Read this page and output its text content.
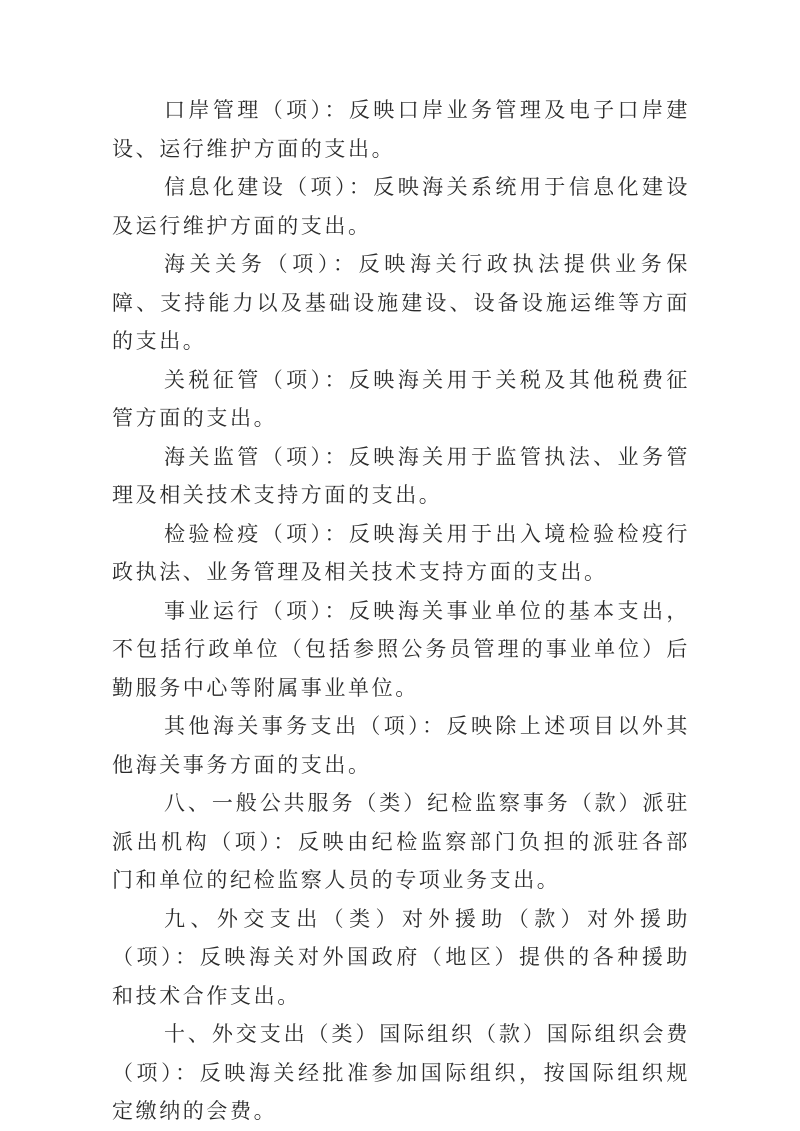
口岸管理（项）：反映口岸业务管理及电子口岸建设、运行维护方面的支出。

信息化建设（项）：反映海关系统用于信息化建设及运行维护方面的支出。

海关关务（项）：反映海关行政执法提供业务保障、支持能力以及基础设施建设、设备设施运维等方面的支出。

关税征管（项）：反映海关用于关税及其他税费征管方面的支出。

海关监管（项）：反映海关用于监管执法、业务管理及相关技术支持方面的支出。

检验检疫（项）：反映海关用于出入境检验检疫行政执法、业务管理及相关技术支持方面的支出。

事业运行（项）：反映海关事业单位的基本支出，不包括行政单位（包括参照公务员管理的事业单位）后勤服务中心等附属事业单位。

其他海关事务支出（项）：反映除上述项目以外其他海关事务方面的支出。

八、一般公共服务（类）纪检监察事务（款）派驻派出机构（项）：反映由纪检监察部门负担的派驻各部门和单位的纪检监察人员的专项业务支出。

九、外交支出（类）对外援助（款）对外援助（项）：反映海关对外国政府（地区）提供的各种援助和技术合作支出。

十、外交支出（类）国际组织（款）国际组织会费（项）：反映海关经批准参加国际组织，按国际组织规定缴纳的会费。
